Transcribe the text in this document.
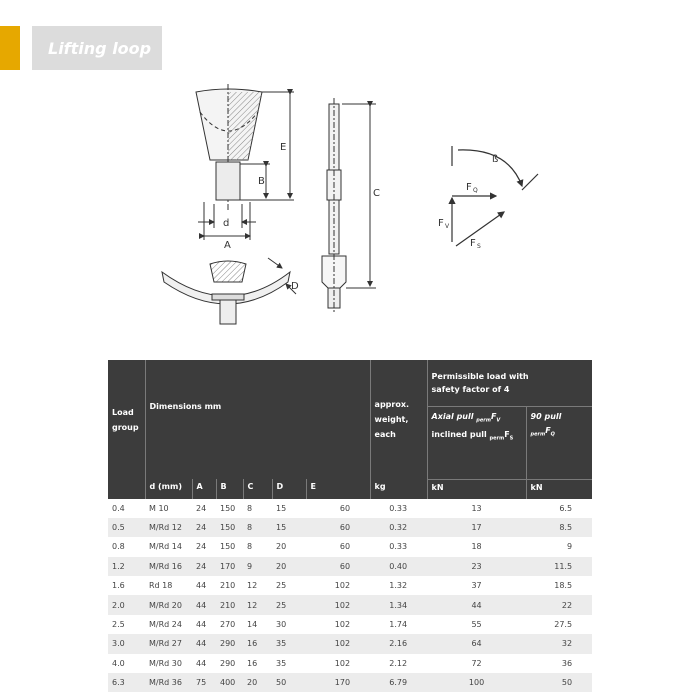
Lifting loop
E
B
d
A
D
C
ß
F Q
F V
F S
Load
group	Dimensions mm						approx.
weight,
each	Permissible load with
safety factor of 4	
								Axial pull $_{perm}F_V$
inclined pull $_{perm}F_S$	90 pull $_{perm}F_Q$
	d (mm)	A	B	C	D	E	kg	kN	kN
0.4	M 10	24	150	8	15	60	0.33	13	6.5
0.5	M/Rd 12	24	150	8	15	60	0.32	17	8.5
0.8	M/Rd 14	24	150	8	20	60	0.33	18	9
1.2	M/Rd 16	24	170	9	20	60	0.40	23	11.5
1.6	Rd 18	44	210	12	25	102	1.32	37	18.5
2.0	M/Rd 20	44	210	12	25	102	1.34	44	22
2.5	M/Rd 24	44	270	14	30	102	1.74	55	27.5
3.0	M/Rd 27	44	290	16	35	102	2.16	64	32
4.0	M/Rd 30	44	290	16	35	102	2.12	72	36
6.3	M/Rd 36	75	400	20	50	170	6.79	100	50
